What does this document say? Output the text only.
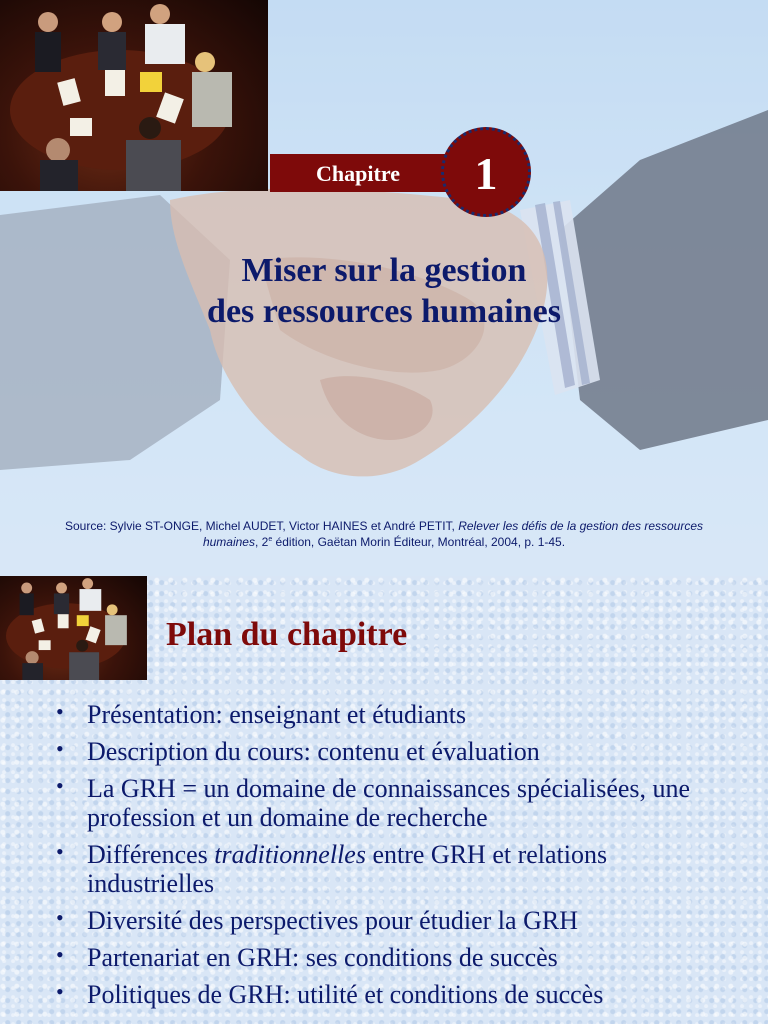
Chapitre	1
Miser sur la gestion
des ressources humaines
Source: Sylvie ST-ONGE, Michel AUDET, Victor HAINES et André PETIT, Relever les défis de la gestion des ressources humaines, 2e édition, Gaëtan Morin Éditeur, Montréal, 2004, p. 1-45.
Plan du chapitre
• Présentation: enseignant et étudiants
• Description du cours: contenu et évaluation
• La GRH = un domaine de connaissances spécialisées, une profession et un domaine de recherche
• Différences traditionnelles entre GRH et relations industrielles
• Diversité des perspectives pour étudier la GRH
• Partenariat en GRH: ses conditions de succès
• Politiques de GRH: utilité et conditions de succès
